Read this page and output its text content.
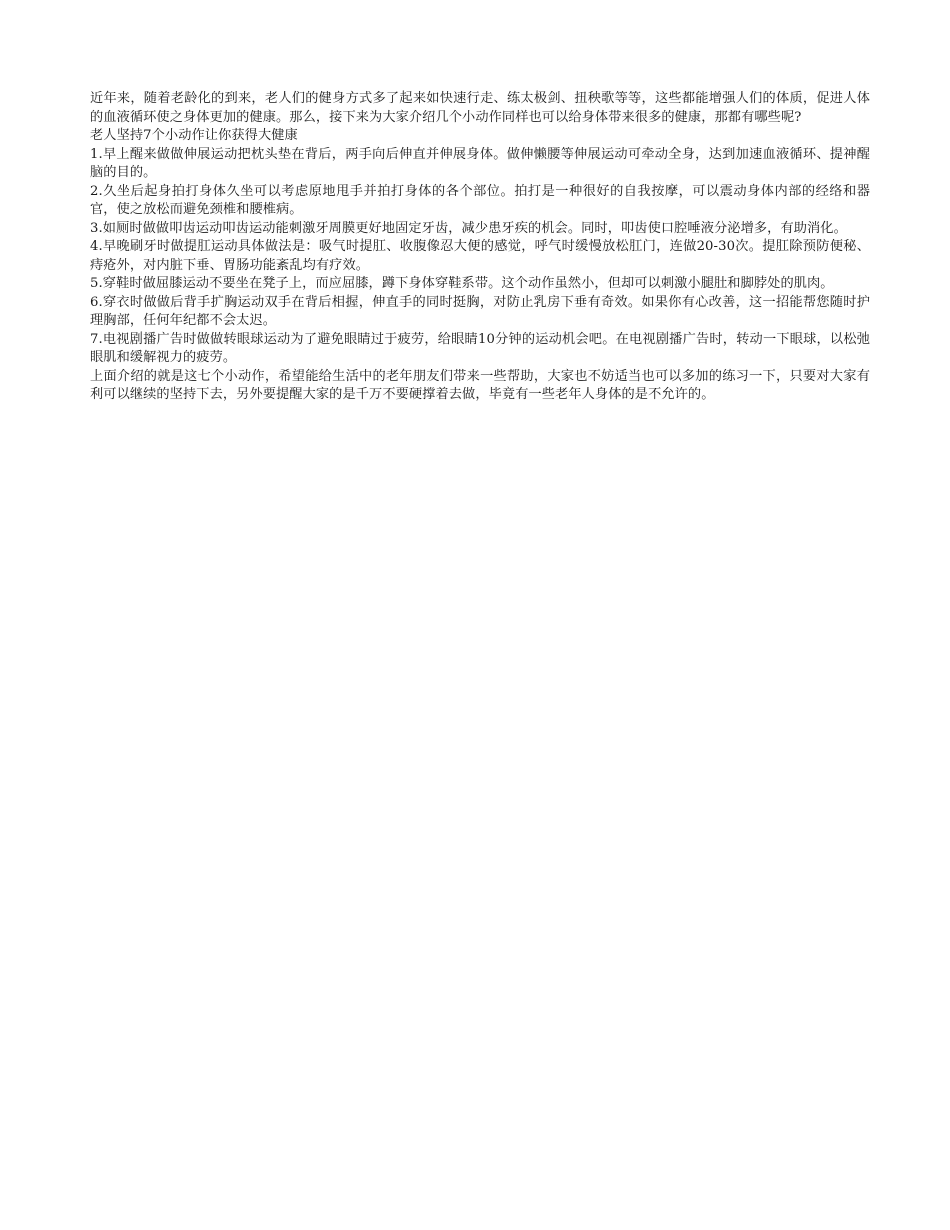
近年来，随着老龄化的到来，老人们的健身方式多了起来如快速行走、练太极剑、扭秧歌等等，这些都能增强人们的体质，促进人体的血液循环使之身体更加的健康。那么，接下来为大家介绍几个小动作同样也可以给身体带来很多的健康，那都有哪些呢?

老人坚持7个小动作让你获得大健康

1.早上醒来做做伸展运动把枕头垫在背后，两手向后伸直并伸展身体。做伸懒腰等伸展运动可牵动全身，达到加速血液循环、提神醒脑的目的。

2.久坐后起身拍打身体久坐可以考虑原地甩手并拍打身体的各个部位。拍打是一种很好的自我按摩，可以震动身体内部的经络和器官，使之放松而避免颈椎和腰椎病。

3.如厕时做做叩齿运动叩齿运动能刺激牙周膜更好地固定牙齿，减少患牙疾的机会。同时，叩齿使口腔唾液分泌增多，有助消化。

4.早晚刷牙时做提肛运动具体做法是：吸气时提肛、收腹像忍大便的感觉，呼气时缓慢放松肛门，连做20-30次。提肛除预防便秘、痔疮外，对内脏下垂、胃肠功能紊乱均有疗效。

5.穿鞋时做屈膝运动不要坐在凳子上，而应屈膝，蹲下身体穿鞋系带。这个动作虽然小，但却可以刺激小腿肚和脚脖处的肌肉。

6.穿衣时做做后背手扩胸运动双手在背后相握，伸直手的同时挺胸，对防止乳房下垂有奇效。如果你有心改善，这一招能帮您随时护理胸部，任何年纪都不会太迟。

7.电视剧播广告时做做转眼球运动为了避免眼睛过于疲劳，给眼睛10分钟的运动机会吧。在电视剧播广告时，转动一下眼球，以松弛眼肌和缓解视力的疲劳。

上面介绍的就是这七个小动作，希望能给生活中的老年朋友们带来一些帮助，大家也不妨适当也可以多加的练习一下，只要对大家有利可以继续的坚持下去，另外要提醒大家的是千万不要硬撑着去做，毕竟有一些老年人身体的是不允许的。
